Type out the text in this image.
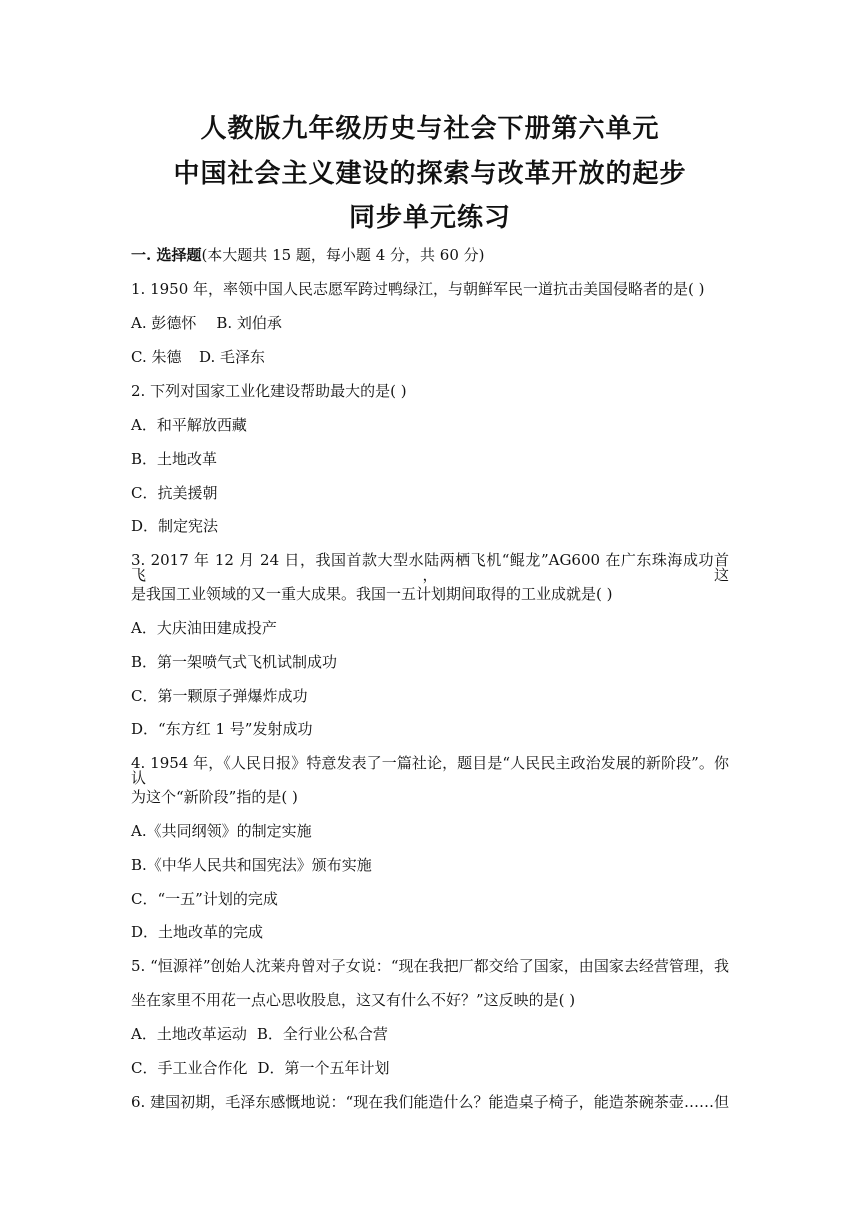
人教版九年级历史与社会下册第六单元
中国社会主义建设的探索与改革开放的起步
同步单元练习
一. 选择题(本大题共 15 题，每小题 4 分，共 60 分)
1. 1950 年，率领中国人民志愿军跨过鸭绿江，与朝鲜军民一道抗击美国侵略者的是( )
A. 彭德怀 B. 刘伯承
C. 朱德 D. 毛泽东
2. 下列对国家工业化建设帮助最大的是( )
A．和平解放西藏
B．土地改革
C．抗美援朝
D．制定宪法
3. 2017 年 12 月 24 日，我国首款大型水陆两栖飞机“鲲龙”AG600 在广东珠海成功首飞，这
是我国工业领域的又一重大成果。我国一五计划期间取得的工业成就是( )
A．大庆油田建成投产
B．第一架喷气式飞机试制成功
C．第一颗原子弹爆炸成功
D．“东方红 1 号”发射成功
4. 1954 年，《人民日报》特意发表了一篇社论，题目是“人民民主政治发展的新阶段”。你认
为这个“新阶段”指的是( )
A.《共同纲领》的制定实施
B.《中华人民共和国宪法》颁布实施
C．“一五”计划的完成
D．土地改革的完成
5. “恒源祥”创始人沈莱舟曾对子女说：“现在我把厂都交给了国家，由国家去经营管理，我
坐在家里不用花一点心思收股息，这又有什么不好？”这反映的是( )
A．土地改革运动 B．全行业公私合营
C．手工业合作化 D．第一个五年计划
6. 建国初期，毛泽东感慨地说：“现在我们能造什么？能造桌子椅子，能造茶碗茶壶……但
